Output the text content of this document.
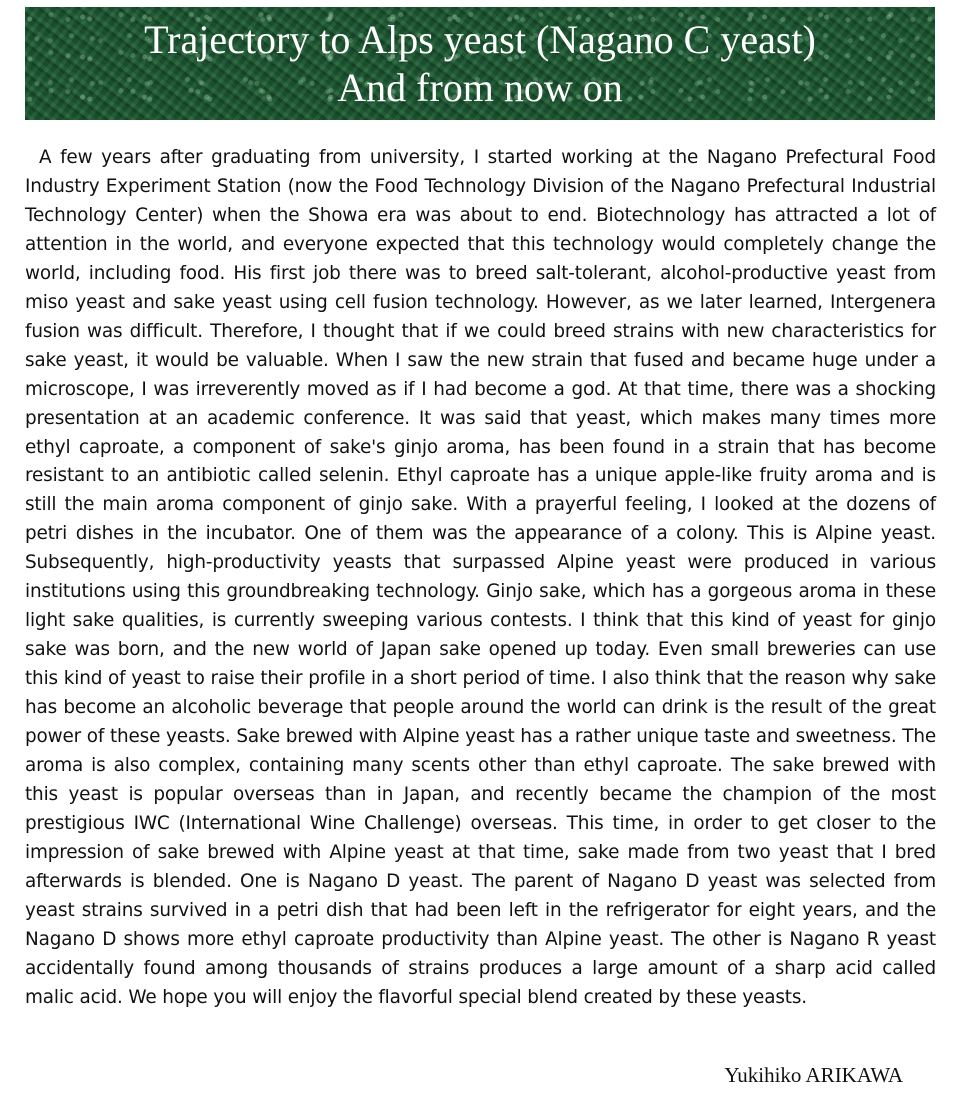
Trajectory to Alps yeast (Nagano C yeast)
And from now on

A few years after graduating from university, I started working at the Nagano Prefectural Food Industry Experiment Station (now the Food Technology Division of the Nagano Prefectural Industrial Technology Center) when the Showa era was about to end. Biotechnology has attracted a lot of attention in the world, and everyone expected that this technology would completely change the world, including food. His first job there was to breed salt-tolerant, alcohol-productive yeast from miso yeast and sake yeast using cell fusion technology. However, as we later learned, Intergenera fusion was difficult. Therefore, I thought that if we could breed strains with new characteristics for sake yeast, it would be valuable. When I saw the new strain that fused and became huge under a microscope, I was irreverently moved as if I had become a god. At that time, there was a shocking presentation at an academic conference. It was said that yeast, which makes many times more ethyl caproate, a component of sake's ginjo aroma, has been found in a strain that has become resistant to an antibiotic called selenin. Ethyl caproate has a unique apple-like fruity aroma and is still the main aroma component of ginjo sake. With a prayerful feeling, I looked at the dozens of petri dishes in the incubator. One of them was the appearance of a colony. This is Alpine yeast. Subsequently, high-productivity yeasts that surpassed Alpine yeast were produced in various institutions using this groundbreaking technology. Ginjo sake, which has a gorgeous aroma in these light sake qualities, is currently sweeping various contests. I think that this kind of yeast for ginjo sake was born, and the new world of Japan sake opened up today. Even small breweries can use this kind of yeast to raise their profile in a short period of time. I also think that the reason why sake has become an alcoholic beverage that people around the world can drink is the result of the great power of these yeasts. Sake brewed with Alpine yeast has a rather unique taste and sweetness. The aroma is also complex, containing many scents other than ethyl caproate. The sake brewed with this yeast is popular overseas than in Japan, and recently became the champion of the most prestigious IWC (International Wine Challenge) overseas. This time, in order to get closer to the impression of sake brewed with Alpine yeast at that time, sake made from two yeast that I bred afterwards is blended. One is Nagano D yeast. The parent of Nagano D yeast was selected from yeast strains survived in a petri dish that had been left in the refrigerator for eight years, and the Nagano D shows more ethyl caproate productivity than Alpine yeast. The other is Nagano R yeast accidentally found among thousands of strains produces a large amount of a sharp acid called malic acid. We hope you will enjoy the flavorful special blend created by these yeasts.

Yukihiko ARIKAWA
